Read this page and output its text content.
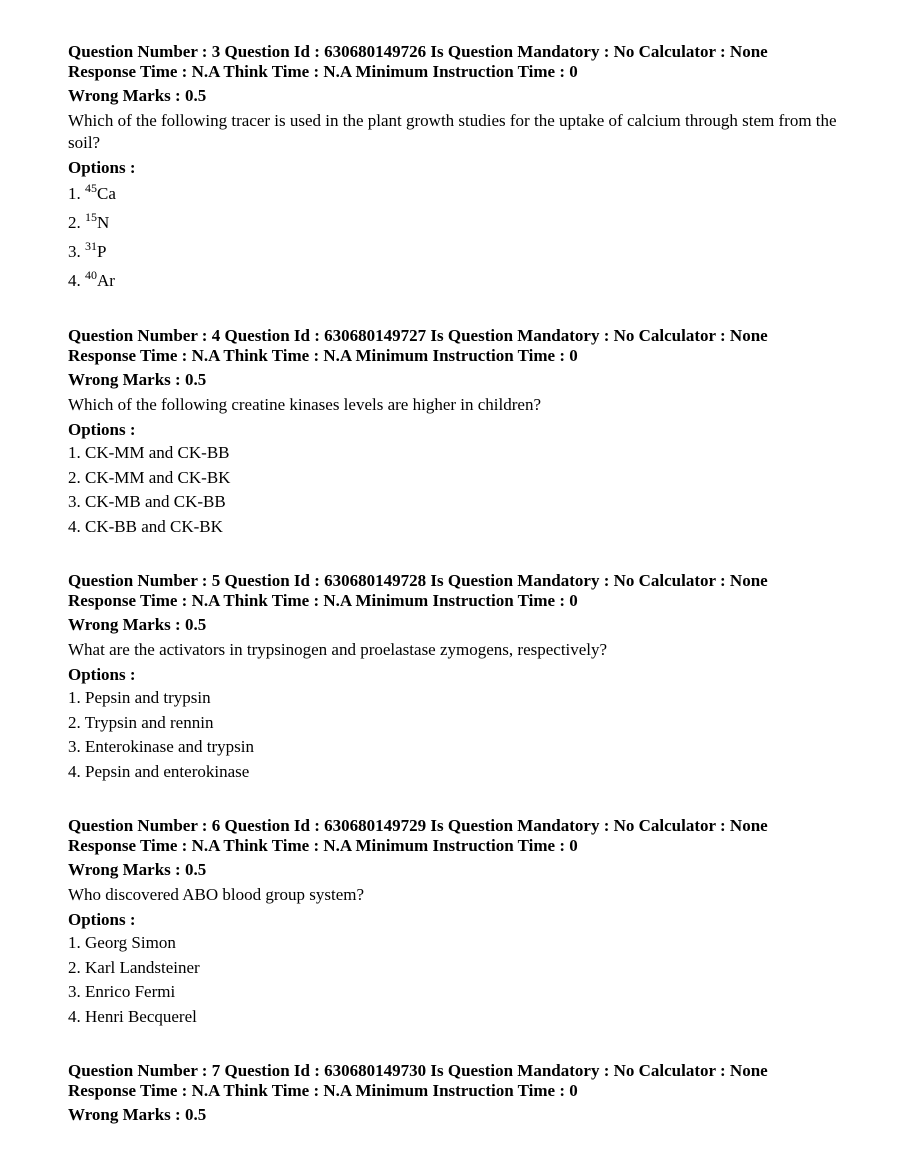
Question Number : 3 Question Id : 630680149726 Is Question Mandatory : No Calculator : None
Response Time : N.A Think Time : N.A Minimum Instruction Time : 0
Wrong Marks : 0.5
Which of the following tracer is used in the plant growth studies for the uptake of calcium through stem from the soil?
Options :
1. $^{45}$Ca
2. $^{15}$N
3. $^{31}$P
4. $^{40}$Ar
Question Number : 4 Question Id : 630680149727 Is Question Mandatory : No Calculator : None
Response Time : N.A Think Time : N.A Minimum Instruction Time : 0
Wrong Marks : 0.5
Which of the following creatine kinases levels are higher in children?
Options :
1. CK-MM and CK-BB
2. CK-MM and CK-BK
3. CK-MB and CK-BB
4. CK-BB and CK-BK
Question Number : 5 Question Id : 630680149728 Is Question Mandatory : No Calculator : None
Response Time : N.A Think Time : N.A Minimum Instruction Time : 0
Wrong Marks : 0.5
What are the activators in trypsinogen and proelastase zymogens, respectively?
Options :
1. Pepsin and trypsin
2. Trypsin and rennin
3. Enterokinase and trypsin
4. Pepsin and enterokinase
Question Number : 6 Question Id : 630680149729 Is Question Mandatory : No Calculator : None
Response Time : N.A Think Time : N.A Minimum Instruction Time : 0
Wrong Marks : 0.5
Who discovered ABO blood group system?
Options :
1. Georg Simon
2. Karl Landsteiner
3. Enrico Fermi
4. Henri Becquerel
Question Number : 7 Question Id : 630680149730 Is Question Mandatory : No Calculator : None
Response Time : N.A Think Time : N.A Minimum Instruction Time : 0
Wrong Marks : 0.5
